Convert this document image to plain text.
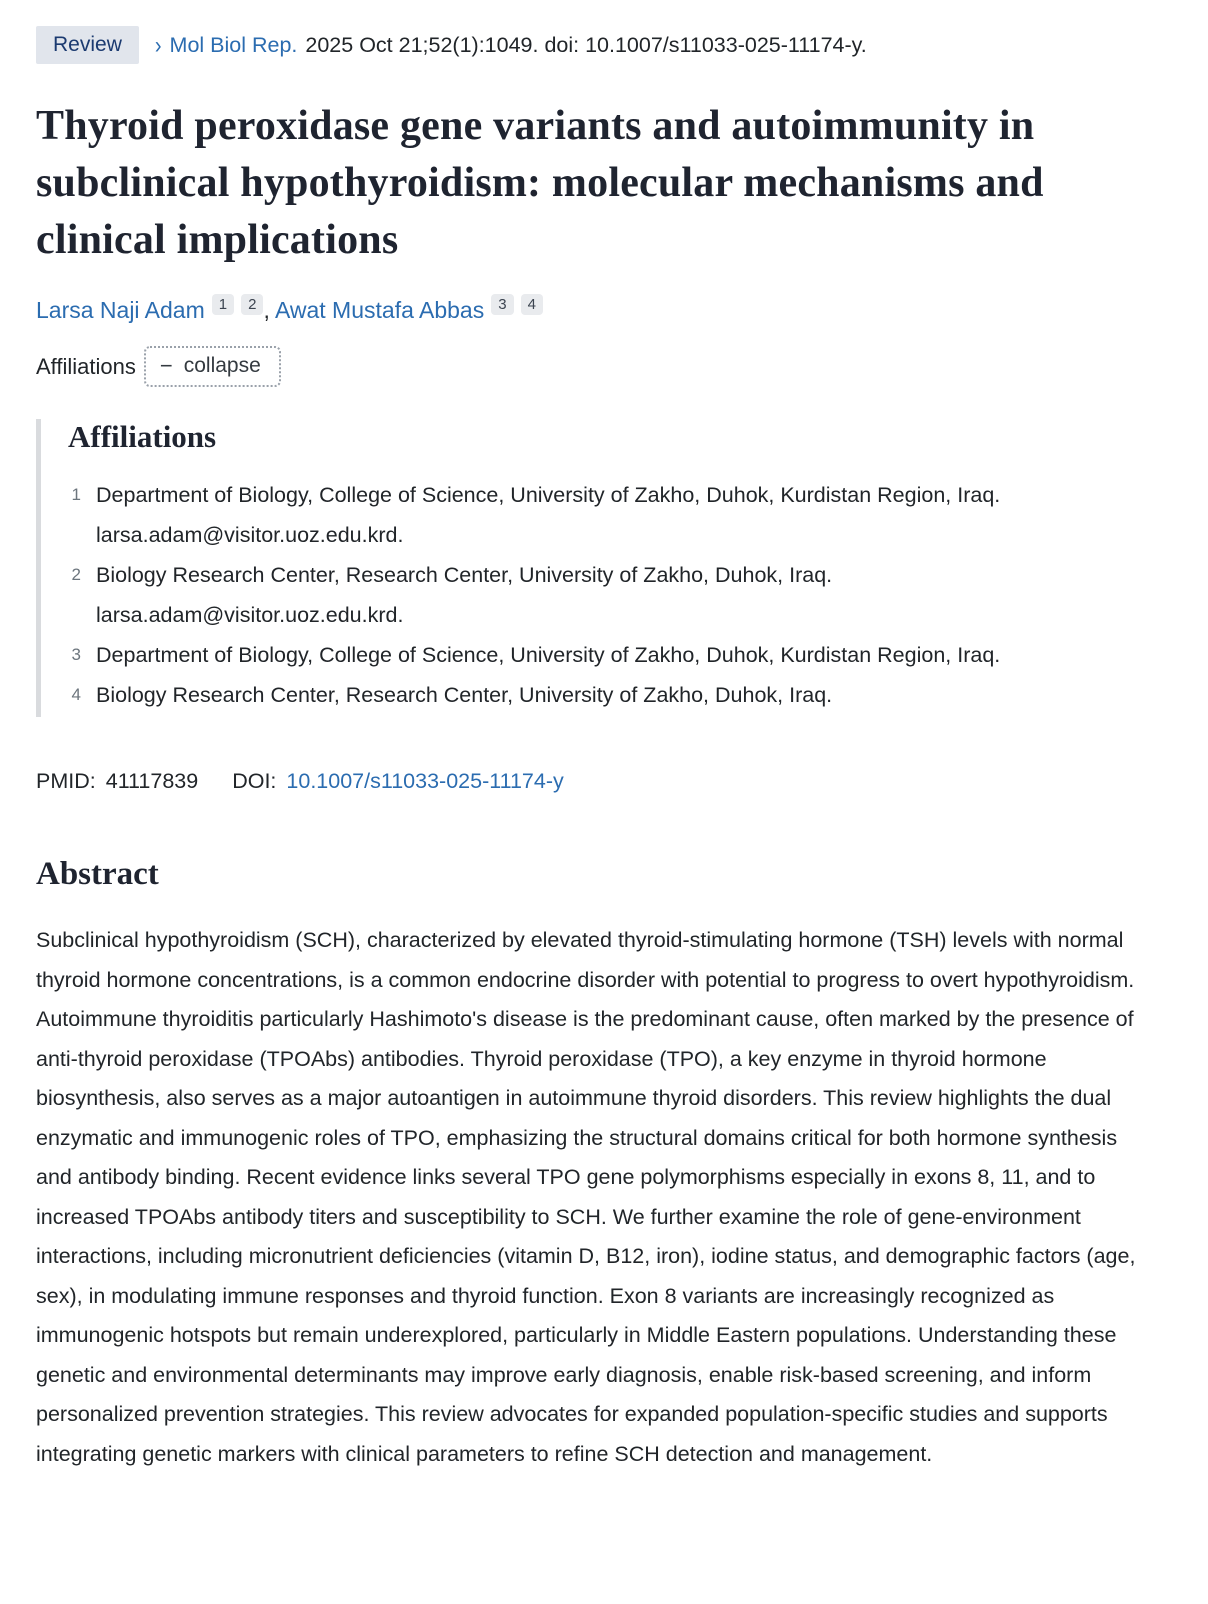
Review	› Mol Biol Rep. 2025 Oct 21;52(1):1049. doi: 10.1007/s11033-025-11174-y.
Thyroid peroxidase gene variants and autoimmunity in subclinical hypothyroidism: molecular mechanisms and clinical implications
Larsa Naji Adam 1 2 , Awat Mustafa Abbas 3 4
Affiliations − collapse
Affiliations
1 Department of Biology, College of Science, University of Zakho, Duhok, Kurdistan Region, Iraq. larsa.adam@visitor.uoz.edu.krd.
2 Biology Research Center, Research Center, University of Zakho, Duhok, Iraq. larsa.adam@visitor.uoz.edu.krd.
3 Department of Biology, College of Science, University of Zakho, Duhok, Kurdistan Region, Iraq.
4 Biology Research Center, Research Center, University of Zakho, Duhok, Iraq.
PMID: 41117839 DOI: 10.1007/s11033-025-11174-y
Abstract

Subclinical hypothyroidism (SCH), characterized by elevated thyroid-stimulating hormone (TSH) levels with normal thyroid hormone concentrations, is a common endocrine disorder with potential to progress to overt hypothyroidism. Autoimmune thyroiditis particularly Hashimoto's disease is the predominant cause, often marked by the presence of anti-thyroid peroxidase (TPOAbs) antibodies. Thyroid peroxidase (TPO), a key enzyme in thyroid hormone biosynthesis, also serves as a major autoantigen in autoimmune thyroid disorders. This review highlights the dual enzymatic and immunogenic roles of TPO, emphasizing the structural domains critical for both hormone synthesis and antibody binding. Recent evidence links several TPO gene polymorphisms especially in exons 8, 11, and to increased TPOAbs antibody titers and susceptibility to SCH. We further examine the role of gene-environment interactions, including micronutrient deficiencies (vitamin D, B12, iron), iodine status, and demographic factors (age, sex), in modulating immune responses and thyroid function. Exon 8 variants are increasingly recognized as immunogenic hotspots but remain underexplored, particularly in Middle Eastern populations. Understanding these genetic and environmental determinants may improve early diagnosis, enable risk-based screening, and inform personalized prevention strategies. This review advocates for expanded population-specific studies and supports integrating genetic markers with clinical parameters to refine SCH detection and management.
